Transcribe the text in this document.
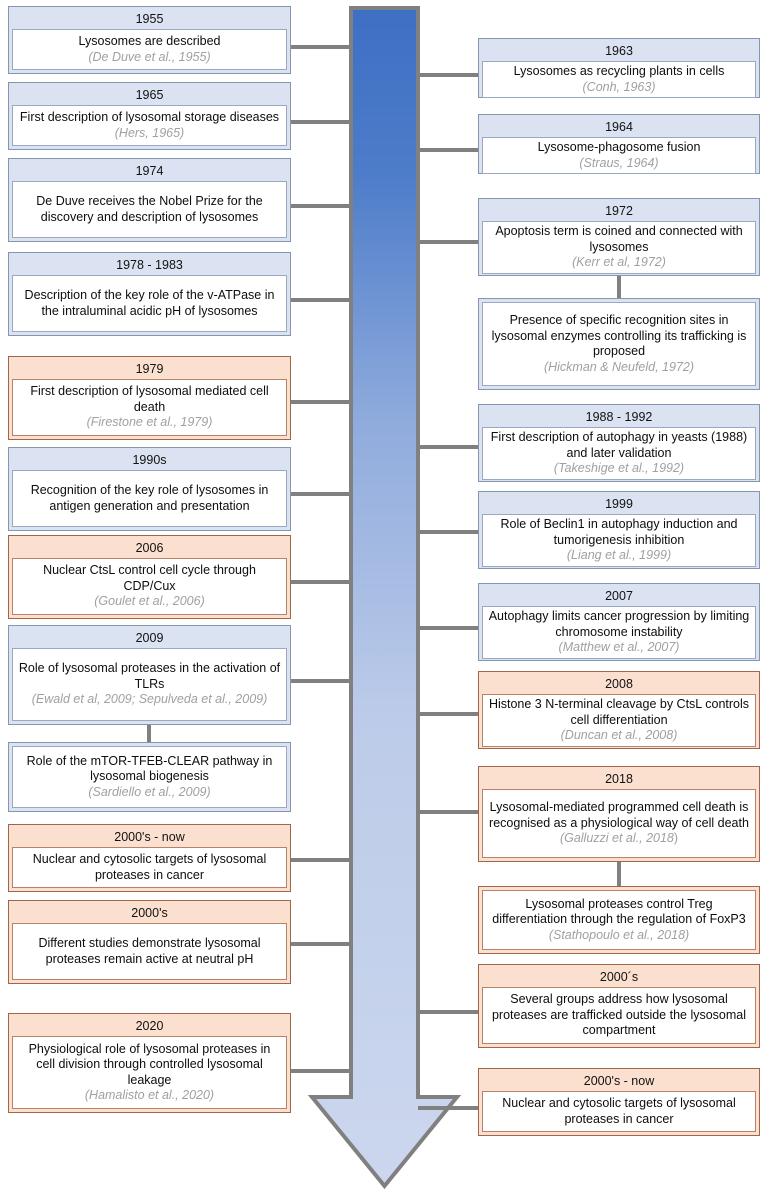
1955
Lysosomes are described
(De Duve et al., 1955)
1965
First description of lysosomal storage diseases (Hers, 1965)
1974
De Duve receives the Nobel Prize for the discovery and description of lysosomes
1978 - 1983
Description of the key role of the v-ATPase in the intraluminal acidic pH of lysosomes
1979
First description of lysosomal mediated cell death
(Firestone et al., 1979)
1990s
Recognition of the key role of lysosomes in antigen generation and presentation
2006
Nuclear CtsL control cell cycle through CDP/Cux
(Goulet et al., 2006)
2009
Role of lysosomal proteases in the activation of TLRs
(Ewald et al, 2009; Sepulveda et al., 2009)
Role of the mTOR-TFEB-CLEAR pathway in lysosomal biogenesis
(Sardiello et al., 2009)
2000's - now
Nuclear and cytosolic targets of lysosomal proteases in cancer
2000's
Different studies demonstrate lysosomal proteases remain active at neutral pH
2020
Physiological role of lysosomal proteases in cell division through controlled lysosomal leakage
(Hamalisto et al., 2020)
1963
Lysosomes as recycling plants in cells
(Conh, 1963)
1964
Lysosome-phagosome fusion
(Straus, 1964)
1972
Apoptosis term is coined and connected with lysosomes
(Kerr et al, 1972)
Presence of specific recognition sites in lysosomal enzymes controlling its trafficking is proposed
(Hickman & Neufeld, 1972)
1988 - 1992
First description of autophagy in yeasts (1988) and later validation
(Takeshige et al., 1992)
1999
Role of Beclin1 in autophagy induction and tumorigenesis inhibition
(Liang et al., 1999)
2007
Autophagy limits cancer progression by limiting chromosome instability
(Matthew et al., 2007)
2008
Histone 3 N-terminal cleavage by CtsL controls cell differentiation
(Duncan et al., 2008)
2018
Lysosomal-mediated programmed cell death is recognised as a physiological way of cell death
(Galluzzi et al., 2018)
Lysosomal proteases control Treg differentiation through the regulation of FoxP3 (Stathopoulo et al., 2018)
2000´s
Several groups address how lysosomal proteases are trafficked outside the lysosomal compartment
2000's - now
Nuclear and cytosolic targets of lysosomal proteases in cancer
